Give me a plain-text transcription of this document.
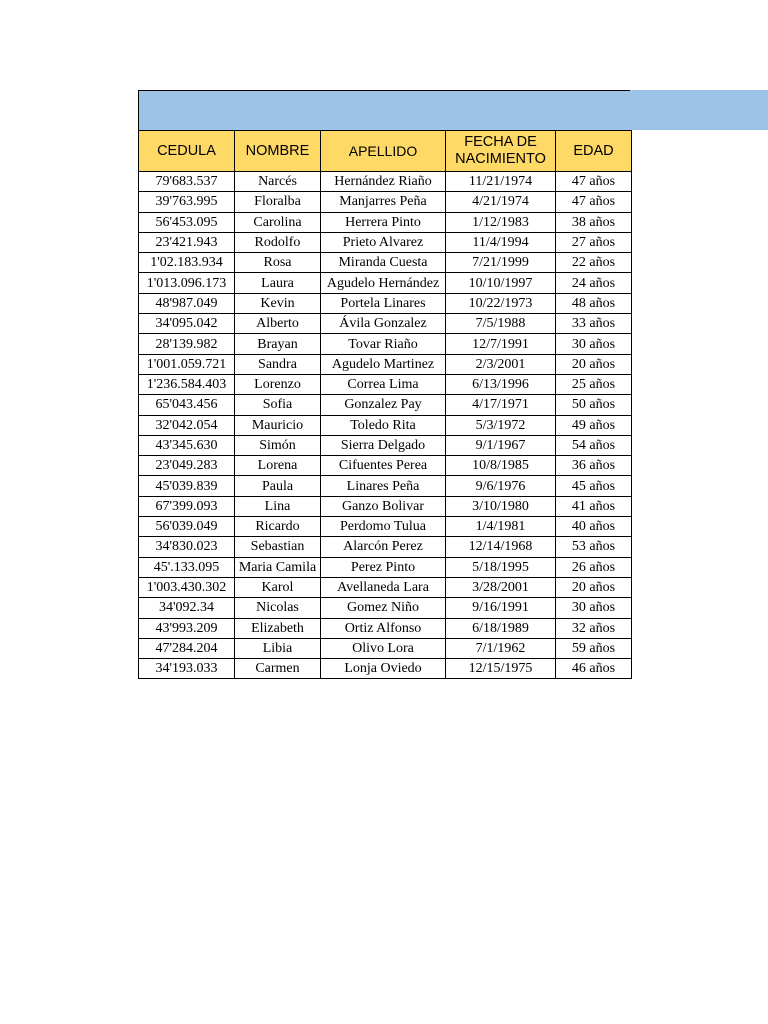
CEDULA	NOMBRE	APELLIDO	FECHA DE NACIMIENTO	EDAD
79'683.537	Narcés	Hernández Riaño	11/21/1974	47 años
39'763.995	Floralba	Manjarres Peña	4/21/1974	47 años
56'453.095	Carolina	Herrera Pinto	1/12/1983	38 años
23'421.943	Rodolfo	Prieto Alvarez	11/4/1994	27 años
1'02.183.934	Rosa	Miranda Cuesta	7/21/1999	22 años
1'013.096.173	Laura	Agudelo Hernández	10/10/1997	24 años
48'987.049	Kevin	Portela Linares	10/22/1973	48 años
34'095.042	Alberto	Ávila Gonzalez	7/5/1988	33 años
28'139.982	Brayan	Tovar Riaño	12/7/1991	30 años
1'001.059.721	Sandra	Agudelo Martinez	2/3/2001	20 años
1'236.584.403	Lorenzo	Correa Lima	6/13/1996	25 años
65'043.456	Sofia	Gonzalez Pay	4/17/1971	50 años
32'042.054	Mauricio	Toledo Rita	5/3/1972	49 años
43'345.630	Simón	Sierra Delgado	9/1/1967	54 años
23'049.283	Lorena	Cifuentes Perea	10/8/1985	36 años
45'039.839	Paula	Linares Peña	9/6/1976	45 años
67'399.093	Lina	Ganzo Bolivar	3/10/1980	41 años
56'039.049	Ricardo	Perdomo Tulua	1/4/1981	40 años
34'830.023	Sebastian	Alarcón Perez	12/14/1968	53 años
45'.133.095	Maria Camila	Perez Pinto	5/18/1995	26 años
1'003.430.302	Karol	Avellaneda Lara	3/28/2001	20 años
34'092.34	Nicolas	Gomez Niño	9/16/1991	30 años
43'993.209	Elizabeth	Ortiz Alfonso	6/18/1989	32 años
47'284.204	Libia	Olivo Lora	7/1/1962	59 años
34'193.033	Carmen	Lonja Oviedo	12/15/1975	46 años
